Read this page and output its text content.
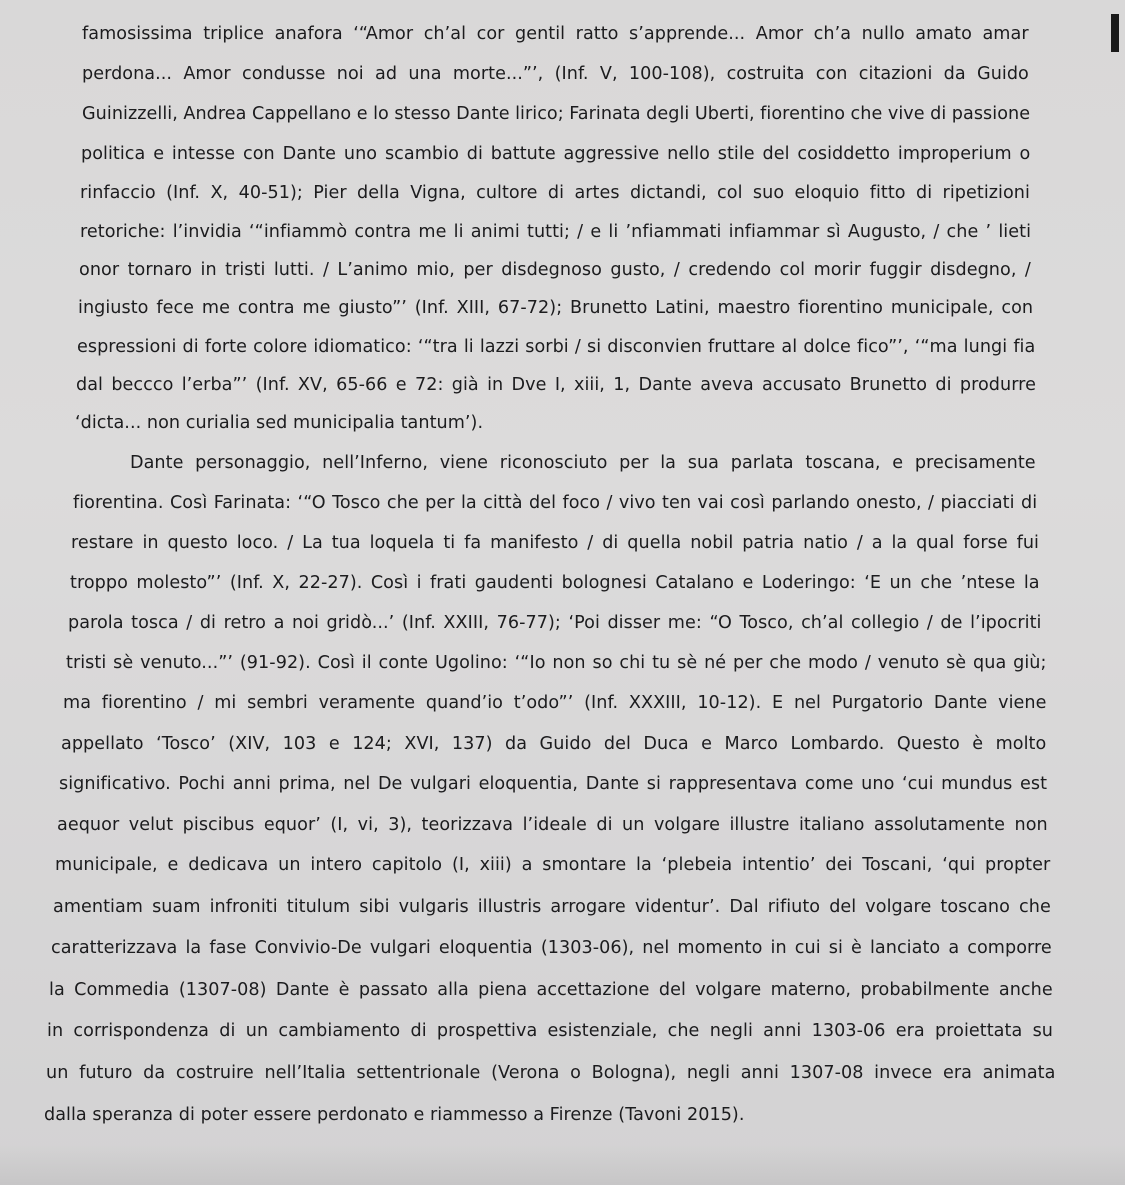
famosissima triplice anafora ‘“Amor ch’al cor gentil ratto s’apprende... Amor ch’a nullo amato amar
perdona... Amor condusse noi ad una morte...”’, (Inf. V, 100-108), costruita con citazioni da Guido
Guinizzelli, Andrea Cappellano e lo stesso Dante lirico; Farinata degli Uberti, fiorentino che vive di passione
politica e intesse con Dante uno scambio di battute aggressive nello stile del cosiddetto improperium o
rinfaccio (Inf. X, 40-51); Pier della Vigna, cultore di artes dictandi, col suo eloquio fitto di ripetizioni
retoriche: l’invidia ‘“infiammò contra me li animi tutti; / e li ’nfiammati infiammar sì Augusto, / che ’ lieti
onor tornaro in tristi lutti. / L’animo mio, per disdegnoso gusto, / credendo col morir fuggir disdegno, /
ingiusto fece me contra me giusto”’ (Inf. XIII, 67-72); Brunetto Latini, maestro fiorentino municipale, con
espressioni di forte colore idiomatico: ‘“tra li lazzi sorbi / si disconvien fruttare al dolce fico”’, ‘“ma lungi fia
dal beccco l’erba”’ (Inf. XV, 65-66 e 72: già in Dve I, xiii, 1, Dante aveva accusato Brunetto di produrre
‘dicta... non curialia sed municipalia tantum’).
Dante personaggio, nell’Inferno, viene riconosciuto per la sua parlata toscana, e precisamente
fiorentina. Così Farinata: ‘“O Tosco che per la città del foco / vivo ten vai così parlando onesto, / piacciati di
restare in questo loco. / La tua loquela ti fa manifesto / di quella nobil patria natio / a la qual forse fui
troppo molesto”’ (Inf. X, 22-27). Così i frati gaudenti bolognesi Catalano e Loderingo: ‘E un che ’ntese la
parola tosca / di retro a noi gridò...’ (Inf. XXIII, 76-77); ‘Poi disser me: “O Tosco, ch’al collegio / de l’ipocriti
tristi sè venuto...”’ (91-92). Così il conte Ugolino: ‘“Io non so chi tu sè né per che modo / venuto sè qua giù;
ma fiorentino / mi sembri veramente quand’io t’odo”’ (Inf. XXXIII, 10-12). E nel Purgatorio Dante viene
appellato ‘Tosco’ (XIV, 103 e 124; XVI, 137) da Guido del Duca e Marco Lombardo. Questo è molto
significativo. Pochi anni prima, nel De vulgari eloquentia, Dante si rappresentava come uno ‘cui mundus est
aequor velut piscibus equor’ (I, vi, 3), teorizzava l’ideale di un volgare illustre italiano assolutamente non
municipale, e dedicava un intero capitolo (I, xiii) a smontare la ‘plebeia intentio’ dei Toscani, ‘qui propter
amentiam suam infroniti titulum sibi vulgaris illustris arrogare videntur’. Dal rifiuto del volgare toscano che
caratterizzava la fase Convivio-De vulgari eloquentia (1303-06), nel momento in cui si è lanciato a comporre
la Commedia (1307-08) Dante è passato alla piena accettazione del volgare materno, probabilmente anche
in corrispondenza di un cambiamento di prospettiva esistenziale, che negli anni 1303-06 era proiettata su
un futuro da costruire nell’Italia settentrionale (Verona o Bologna), negli anni 1307-08 invece era animata
dalla speranza di poter essere perdonato e riammesso a Firenze (Tavoni 2015).
